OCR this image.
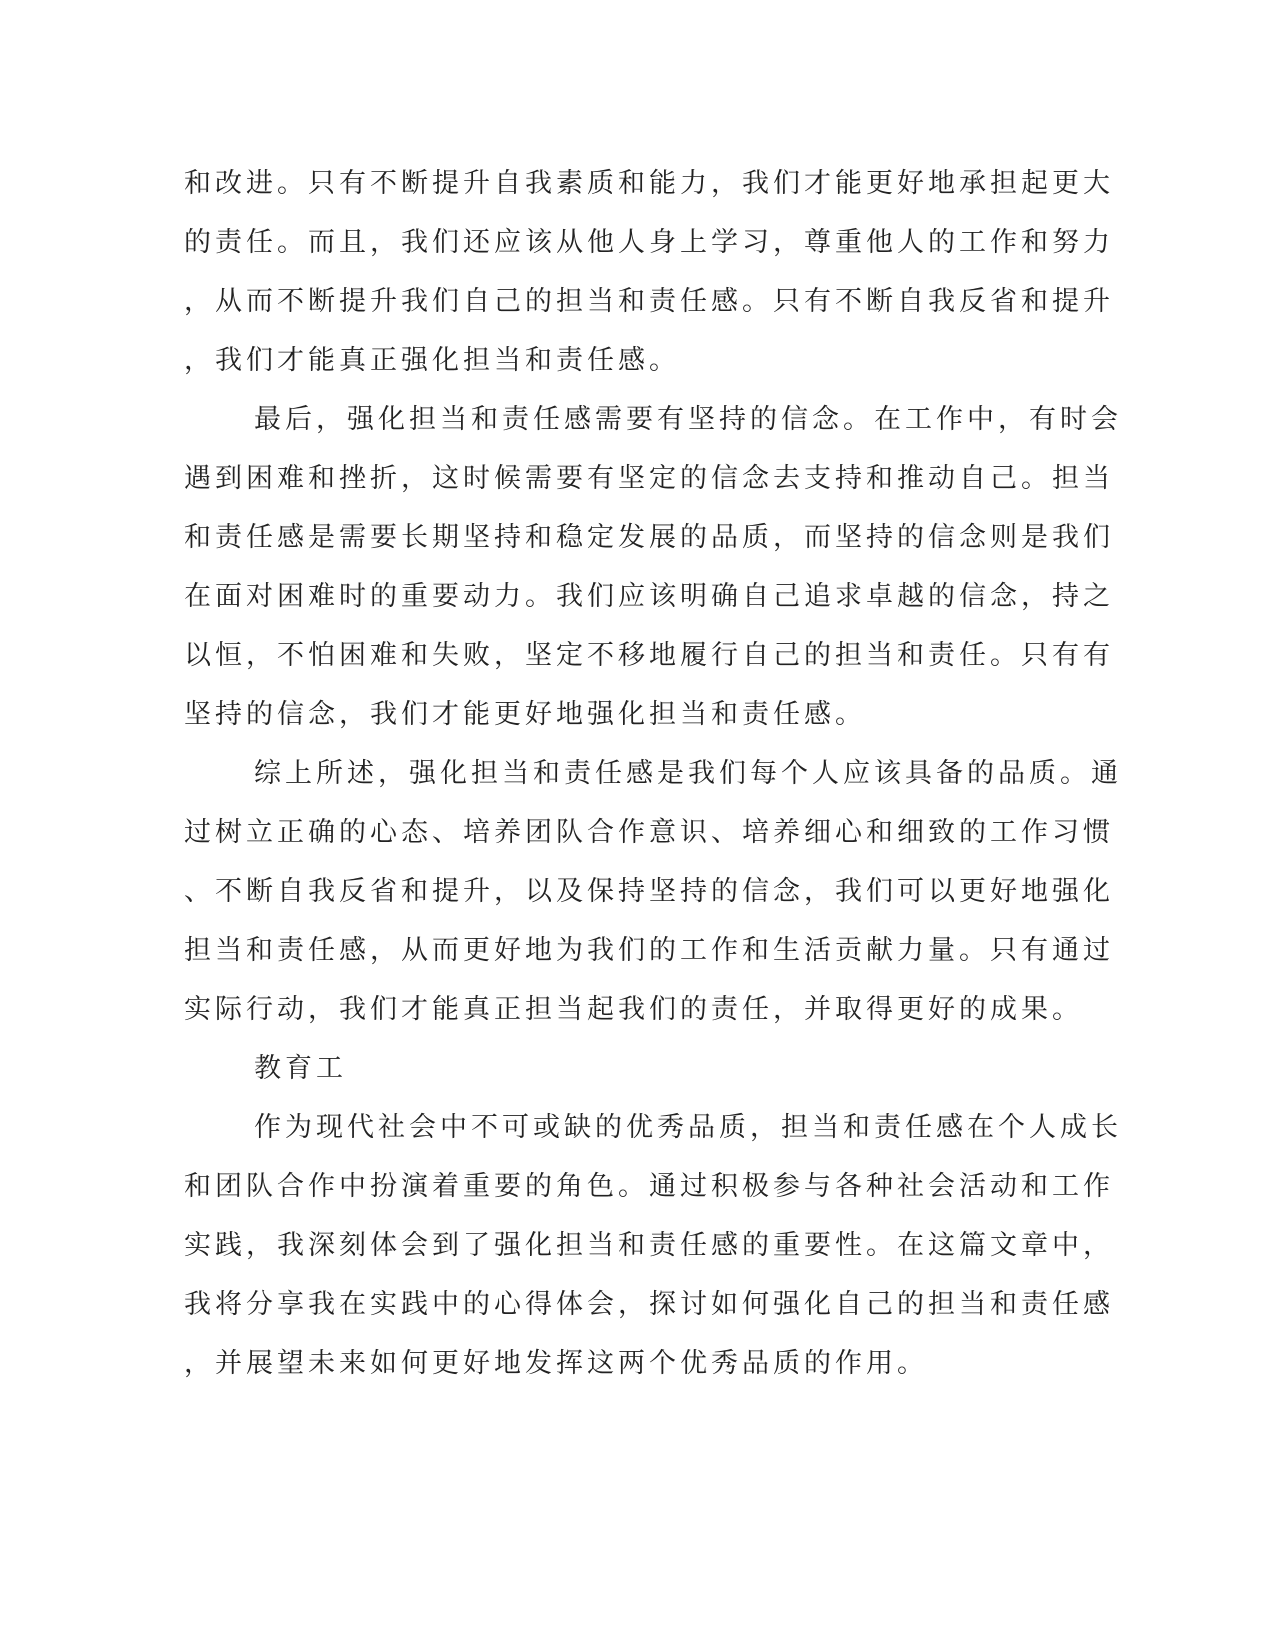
和改进。只有不断提升自我素质和能力，我们才能更好地承担起更大
的责任。而且，我们还应该从他人身上学习，尊重他人的工作和努力
，从而不断提升我们自己的担当和责任感。只有不断自我反省和提升
，我们才能真正强化担当和责任感。
最后，强化担当和责任感需要有坚持的信念。在工作中，有时会
遇到困难和挫折，这时候需要有坚定的信念去支持和推动自己。担当
和责任感是需要长期坚持和稳定发展的品质，而坚持的信念则是我们
在面对困难时的重要动力。我们应该明确自己追求卓越的信念，持之
以恒，不怕困难和失败，坚定不移地履行自己的担当和责任。只有有
坚持的信念，我们才能更好地强化担当和责任感。
综上所述，强化担当和责任感是我们每个人应该具备的品质。通
过树立正确的心态、培养团队合作意识、培养细心和细致的工作习惯
、不断自我反省和提升，以及保持坚持的信念，我们可以更好地强化
担当和责任感，从而更好地为我们的工作和生活贡献力量。只有通过
实际行动，我们才能真正担当起我们的责任，并取得更好的成果。
教育工
作为现代社会中不可或缺的优秀品质，担当和责任感在个人成长
和团队合作中扮演着重要的角色。通过积极参与各种社会活动和工作
实践，我深刻体会到了强化担当和责任感的重要性。在这篇文章中，
我将分享我在实践中的心得体会，探讨如何强化自己的担当和责任感
，并展望未来如何更好地发挥这两个优秀品质的作用。
